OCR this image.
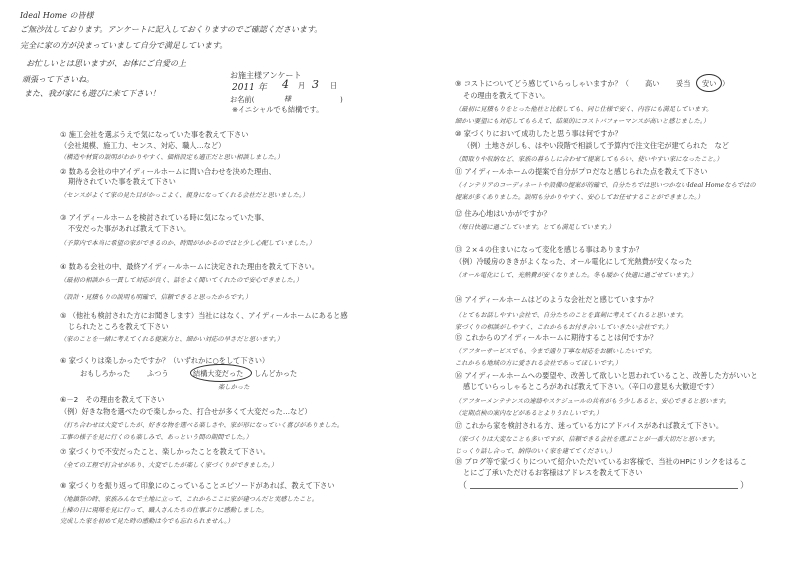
Ideal Home の皆様
ご無沙汰しております。アンケートに記入しておくりますのでご確認くださいます。
完全に家の方が決まっていまして自分で満足しています。
お忙しいとは思いますが、お体にご自愛の上
頑張って下さいね。
また、我が家にも遊びに来て下さい！
お施主様アンケート
2011 年 4 月 3 日
お名前(	様	)
※イニシャルでも結構です。
① 施工会社を選ぶうえで気になっていた事を教えて下さい
（会社規模、施工力、センス、対応、職人…など）
（構造や材質の説明がわかりやすく、価格設定も適正だと思い相談しました。）
② 数ある会社の中アイディールホームに問い合わせを決めた理由、
期待されていた事を教えて下さい
（センスがよくて家の見た目がかっこよく、親身になってくれる会社だと思いました。）
③ アイディールホームを検討されている時に気になっていた事、
不安だった事があれば教えて下さい。
（予算内で本当に希望の家ができるのか、時間がかかるのではと少し心配していました。）
④ 数ある会社の中、最終アイディールホームに決定された理由を教えて下さい。
（最初の相談から一貫して対応が良く、話をよく聞いてくれたので安心できました。）
（設計・見積もりの説明も明確で、信頼できると思ったからです。）
⑤ （他社も検討された方にお聞きします）当社にはなく、アイディールホームにあると感
じられたところを教えて下さい
（家のことを一緒に考えてくれる提案力と、細かい対応の早さだと思います。）
⑥ 家づくりは楽しかったですか？（いずれかに○をして下さい）
おもしろかった ふつう	結構大変だった しんどかった
楽しかった
⑥－2　その理由を教えて下さい
（例）好きな物を選べたので楽しかった、打合せが多くて大変だった…など）
（打ち合わせは大変でしたが、好きな物を選べる楽しさや、家が形になっていく喜びがありました。
工事の様子を見に行くのも楽しみで、あっという間の期間でした。）
⑦ 家づくりで不安だったこと、楽しかったことを教えて下さい。
（全ての工程で打合せがあり、大変でしたが楽しく家づくりができました。）
⑧ 家づくりを振り返って印象にのこっていることエピソードがあれば、教えて下さい
（地鎮祭の時、家族みんなで土地に立って、これからここに家が建つんだと実感したこと。
上棟の日に現場を見に行って、職人さんたちの仕事ぶりに感動しました。
完成した家を初めて見た時の感動は今でも忘れられません。）
⑨ コストについてどう感じていらっしゃいますか？（ 高い 妥当 安い ）
その理由を教えて下さい。
（最初に見積もりをとった他社と比較しても、同じ仕様で安く、内容にも満足しています。
細かい要望にも対応してもらえて、結果的にコストパフォーマンスが高いと感じました。）
⑩ 家づくりにおいて成功したと思う事は何ですか？
（例）土地さがしも、はやい段階で相談して予算内で注文住宅が建てられた　など
（間取りや収納など、家族の暮らしに合わせて提案してもらい、使いやすい家になったこと。）
⑪ アイディールホームの提案で自分がプロだなと感じられた点を教えて下さい
（インテリアのコーディネートや設備の提案が的確で、自分たちでは思いつかないIdeal Homeならではの
提案が多くありました。説明も分かりやすく、安心してお任せすることができました。）
⑫ 住み心地はいかがですか？
（毎日快適に過ごしています。とても満足しています。）
⑬ ２×４の住まいになって変化を感じる事はありますか？
（例）冷暖房のききがよくなった、オール電化にして光熱費が安くなった
（オール電化にして、光熱費が安くなりました。冬も暖かく快適に過ごせています。）
⑭ アイディールホームはどのような会社だと感じていますか？
（とてもお話しやすい会社で、自分たちのことを真剣に考えてくれると思います。
家づくりの相談がしやすく、これからもお付き合いしていきたい会社です。）
⑮ これからのアイディールホームに期待することは何ですか？
（アフターサービスでも、今まで通り丁寧な対応をお願いしたいです。
これからも地域の方に愛される会社であってほしいです。）
⑯ アイディールホームへの要望や、改善して欲しいと思われていること、改善した方がいいと
感じていらっしゃるところがあれば教えて下さい。（辛口の意見も大歓迎です）
（アフターメンテナンスの連絡やスケジュールの共有がもう少しあると、安心できると思います。
（定期点検の案内などがあるとよりうれしいです。）
⑰ これから家を検討される方、迷っている方にアドバイスがあれば教えて下さい。
（家づくりは大変なことも多いですが、信頼できる会社を選ぶことが一番大切だと思います。
じっくり話し合って、納得のいく家を建ててください。）
⑱ ブログ等で家づくりについて紹介いただいているお客様で、当社のHPにリンクをはるこ
とにご了承いただけるお客様はアドレスを教えて下さい
（	）
